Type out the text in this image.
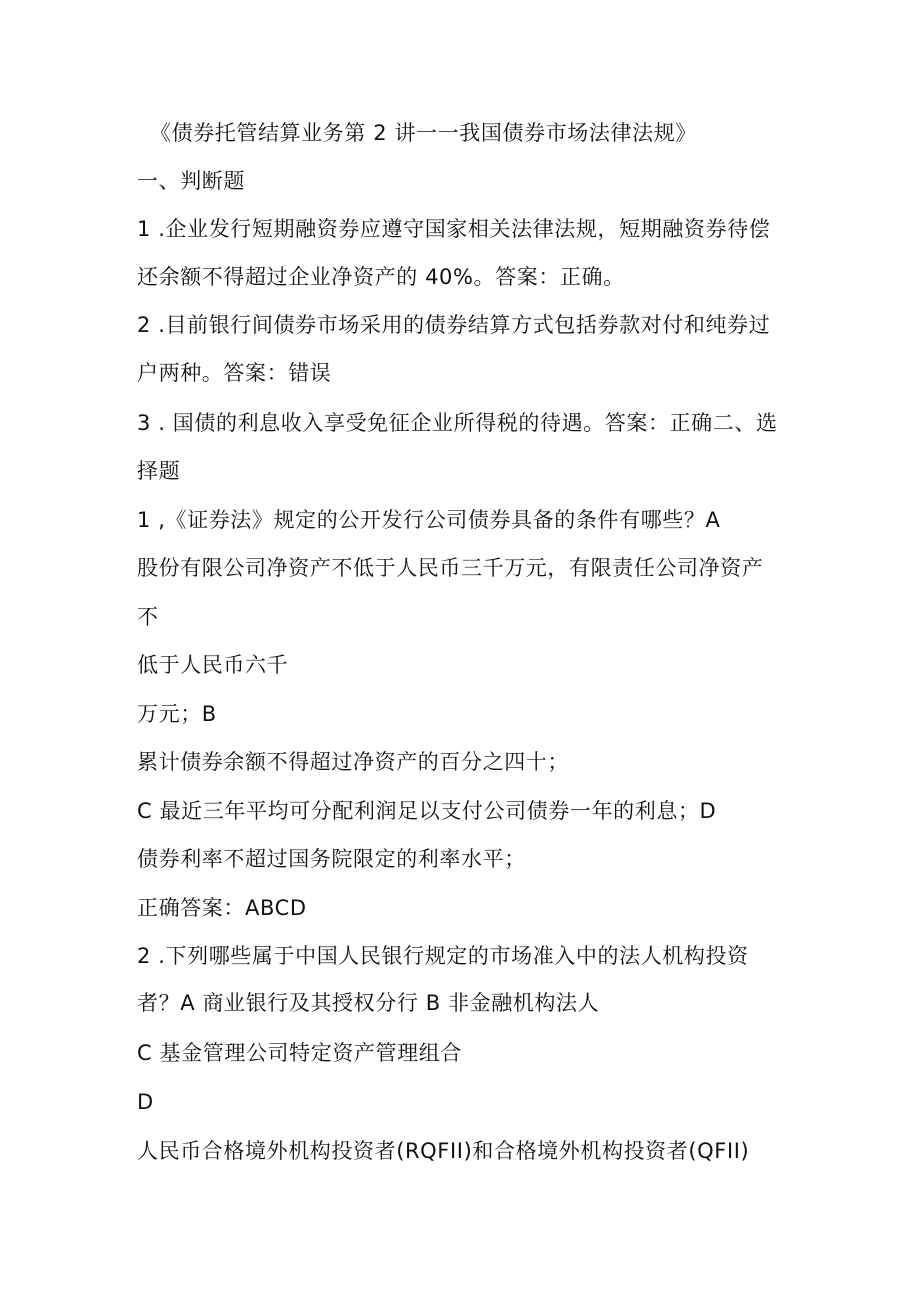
《债券托管结算业务第 2 讲一一我国债券市场法律法规》
一、判断题
1 .企业发行短期融资券应遵守国家相关法律法规，短期融资券待偿
还余额不得超过企业净资产的 40%。答案：正确。
2 .目前银行间债券市场采用的债券结算方式包括券款对付和纯券过
户两种。答案：错误
3 . 国债的利息收入享受免征企业所得税的待遇。答案：正确二、选
择题
1 ,《证券法》规定的公开发行公司债券具备的条件有哪些？A
股份有限公司净资产不低于人民币三千万元，有限责任公司净资产
不
低于人民币六千
万元；B
累计债券余额不得超过净资产的百分之四十；
C 最近三年平均可分配利润足以支付公司债券一年的利息；D
债券利率不超过国务院限定的利率水平；
正确答案：ABCD
2 .下列哪些属于中国人民银行规定的市场准入中的法人机构投资
者？A 商业银行及其授权分行 B 非金融机构法人
C 基金管理公司特定资产管理组合
D
人民币合格境外机构投资者(RQFII)和合格境外机构投资者(QFII)
